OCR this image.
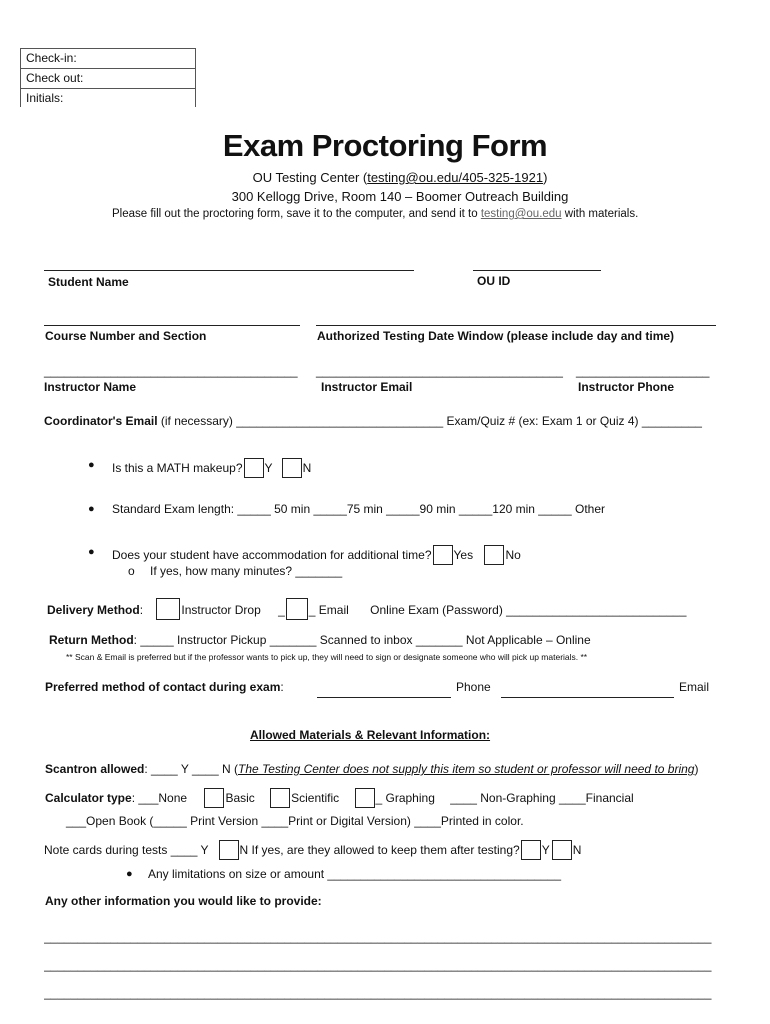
Check-in:
Check out:
Initials:
Exam Proctoring Form
OU Testing Center (testing@ou.edu/405-325-1921)
300 Kellogg Drive, Room 140 – Boomer Outreach Building
Please fill out the proctoring form, save it to the computer, and send it to testing@ou.edu with materials.
Student Name	OU ID
Course Number and Section	Authorized Testing Date Window (please include day and time)
______________________________________ _____________________________________ ____________________
Instructor Name	Instructor Email	Instructor Phone
Coordinator's Email (if necessary) _______________________________ Exam/Quiz # (ex: Exam 1 or Quiz 4) _________
● Is this a MATH makeup? Y	N
● Standard Exam length: _____ 50 min _____75 min _____90 min _____120 min _____ Other
● Does your student have accommodation for additional time? Yes	No
o If yes, how many minutes? _______
Delivery Method:	Instructor Drop _ _ Email Online Exam (Password) ___________________________
Return Method: _____ Instructor Pickup _______ Scanned to inbox _______ Not Applicable – Online
** Scan & Email is preferred but if the professor wants to pick up, they will need to sign or designate someone who will pick up materials. **
Preferred method of contact during exam:	Phone	Email
Allowed Materials & Relevant Information:
Scantron allowed: ____ Y ____ N (The Testing Center does not supply this item so student or professor will need to bring)
Calculator type: ___None	Basic	Scientific	_ Graphing ____ Non-Graphing ____Financial
___Open Book (_____ Print Version ____Print or Digital Version) ____Printed in color.
Note cards during tests ____ Y	N If yes, are they allowed to keep them after testing? Y N
● Any limitations on size or amount ___________________________________
Any other information you would like to provide:
____________________________________________________________________________________________________
____________________________________________________________________________________________________
____________________________________________________________________________________________________
